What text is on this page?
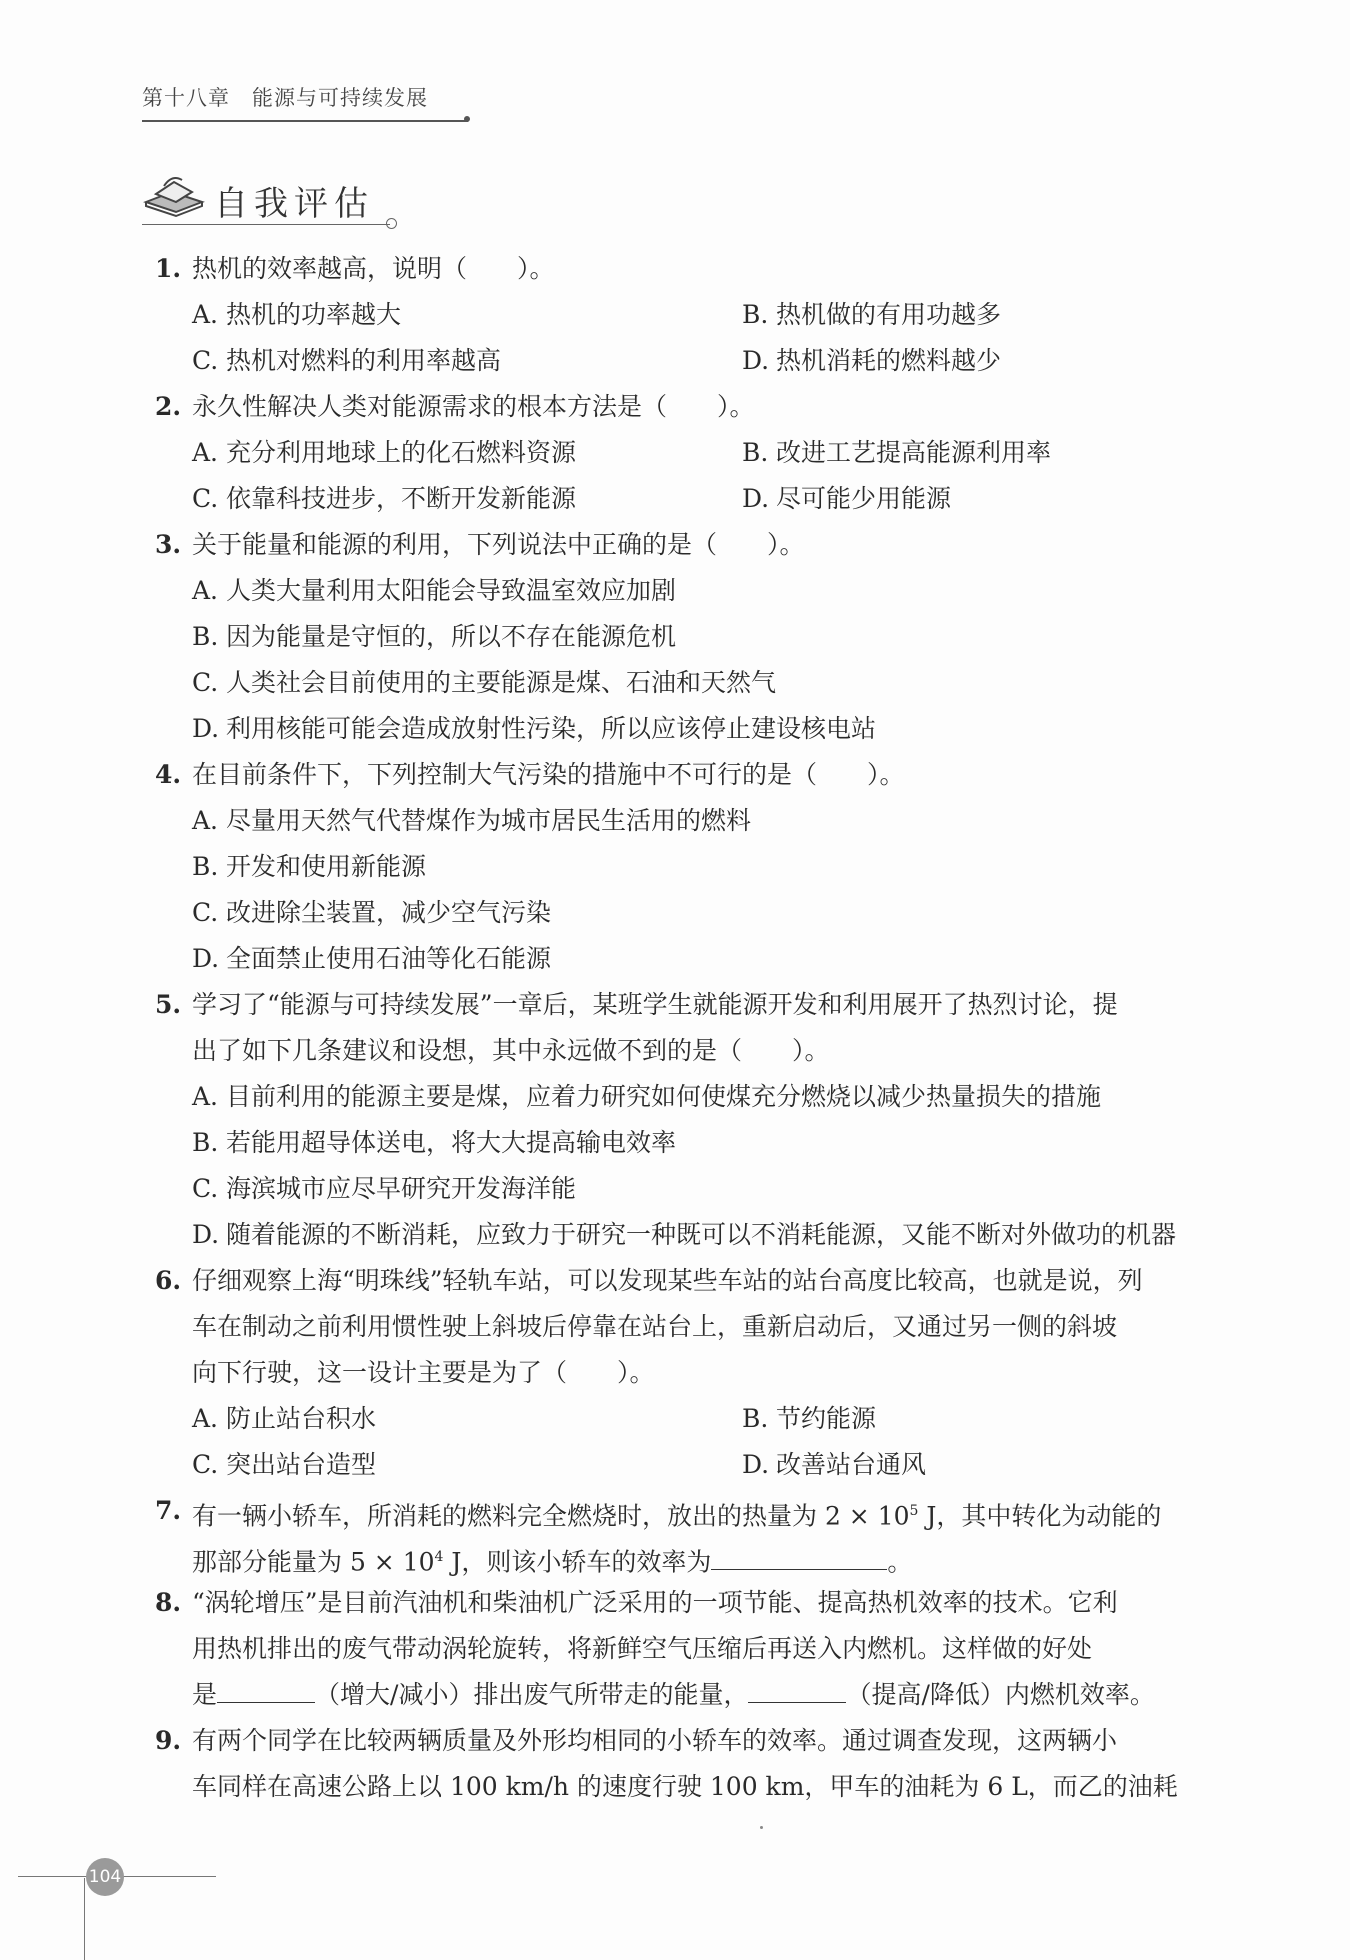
第十八章 能源与可持续发展
自我评估
1. 热机的效率越高，说明（　　）。
A. 热机的功率越大	B. 热机做的有用功越多
C. 热机对燃料的利用率越高	D. 热机消耗的燃料越少
2. 永久性解决人类对能源需求的根本方法是（　　）。
A. 充分利用地球上的化石燃料资源	B. 改进工艺提高能源利用率
C. 依靠科技进步，不断开发新能源	D. 尽可能少用能源
3. 关于能量和能源的利用，下列说法中正确的是（　　）。
A. 人类大量利用太阳能会导致温室效应加剧
B. 因为能量是守恒的，所以不存在能源危机
C. 人类社会目前使用的主要能源是煤、石油和天然气
D. 利用核能可能会造成放射性污染，所以应该停止建设核电站
4. 在目前条件下，下列控制大气污染的措施中不可行的是（　　）。
A. 尽量用天然气代替煤作为城市居民生活用的燃料
B. 开发和使用新能源
C. 改进除尘装置，减少空气污染
D. 全面禁止使用石油等化石能源
5. 学习了“能源与可持续发展”一章后，某班学生就能源开发和利用展开了热烈讨论，提
出了如下几条建议和设想，其中永远做不到的是（　　）。
A. 目前利用的能源主要是煤，应着力研究如何使煤充分燃烧以减少热量损失的措施
B. 若能用超导体送电，将大大提高输电效率
C. 海滨城市应尽早研究开发海洋能
D. 随着能源的不断消耗，应致力于研究一种既可以不消耗能源，又能不断对外做功的机器
6. 仔细观察上海“明珠线”轻轨车站，可以发现某些车站的站台高度比较高，也就是说，列
车在制动之前利用惯性驶上斜坡后停靠在站台上，重新启动后，又通过另一侧的斜坡
向下行驶，这一设计主要是为了（　　）。
A. 防止站台积水	B. 节约能源
C. 突出站台造型	D. 改善站台通风
7. 有一辆小轿车，所消耗的燃料完全燃烧时，放出的热量为 $2 \times 10^5$ J，其中转化为动能的
那部分能量为 $5 \times 10^4$ J，则该小轿车的效率为	。
8. “涡轮增压”是目前汽油机和柴油机广泛采用的一项节能、提高热机效率的技术。它利
用热机排出的废气带动涡轮旋转，将新鲜空气压缩后再送入内燃机。这样做的好处
是	（增大/减小）排出废气所带走的能量，	（提高/降低）内燃机效率。
9. 有两个同学在比较两辆质量及外形均相同的小轿车的效率。通过调查发现，这两辆小
车同样在高速公路上以 100 km/h 的速度行驶 100 km，甲车的油耗为 6 L，而乙的油耗
104
